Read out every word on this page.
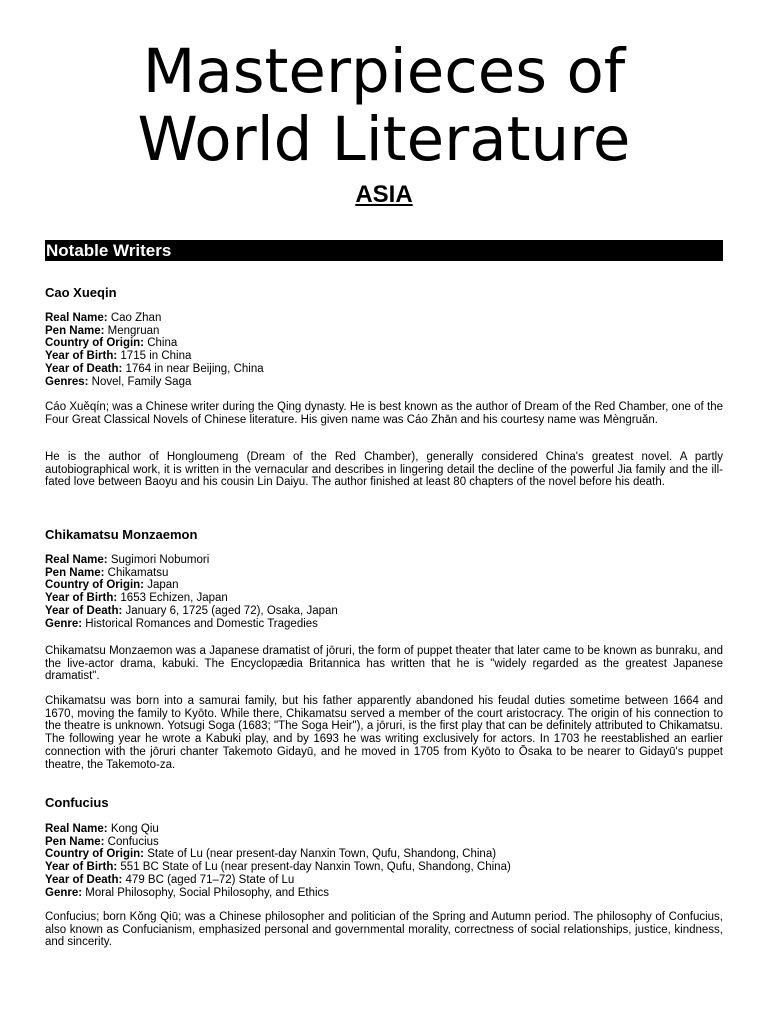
Masterpieces of
World Literature
ASIA
Notable Writers
Cao Xueqin
Real Name: Cao Zhan
Pen Name: Mengruan
Country of Origin: China
Year of Birth: 1715 in China
Year of Death: 1764 in near Beijing, China
Genres: Novel, Family Saga

Cáo Xuěqín; was a Chinese writer during the Qing dynasty. He is best known as the author of Dream of the Red Chamber, one of the Four Great Classical Novels of Chinese literature. His given name was Cáo Zhān and his courtesy name was Mèngruǎn.

He is the author of Hongloumeng (Dream of the Red Chamber), generally considered China's greatest novel. A partly autobiographical work, it is written in the vernacular and describes in lingering detail the decline of the powerful Jia family and the ill-fated love between Baoyu and his cousin Lin Daiyu. The author finished at least 80 chapters of the novel before his death.

Chikamatsu Monzaemon
Real Name: Sugimori Nobumori
Pen Name: Chikamatsu
Country of Origin: Japan
Year of Birth: 1653 Echizen, Japan
Year of Death: January 6, 1725 (aged 72), Osaka, Japan
Genre: Historical Romances and Domestic Tragedies

Chikamatsu Monzaemon was a Japanese dramatist of jōruri, the form of puppet theater that later came to be known as bunraku, and the live-actor drama, kabuki. The Encyclopædia Britannica has written that he is "widely regarded as the greatest Japanese dramatist".

Chikamatsu was born into a samurai family, but his father apparently abandoned his feudal duties sometime between 1664 and 1670, moving the family to Kyōto. While there, Chikamatsu served a member of the court aristocracy. The origin of his connection to the theatre is unknown. Yotsugi Soga (1683; "The Soga Heir"), a jōruri, is the first play that can be definitely attributed to Chikamatsu. The following year he wrote a Kabuki play, and by 1693 he was writing exclusively for actors. In 1703 he reestablished an earlier connection with the jōruri chanter Takemoto Gidayū, and he moved in 1705 from Kyōto to Ōsaka to be nearer to Gidayū's puppet theatre, the Takemoto-za.

Confucius
Real Name: Kong Qiu
Pen Name: Confucius
Country of Origin: State of Lu (near present-day Nanxin Town, Qufu, Shandong, China)
Year of Birth: 551 BC State of Lu (near present-day Nanxin Town, Qufu, Shandong, China)
Year of Death: 479 BC (aged 71–72) State of Lu
Genre: Moral Philosophy, Social Philosophy, and Ethics

Confucius; born Kǒng Qiū; was a Chinese philosopher and politician of the Spring and Autumn period. The philosophy of Confucius, also known as Confucianism, emphasized personal and governmental morality, correctness of social relationships, justice, kindness, and sincerity.
